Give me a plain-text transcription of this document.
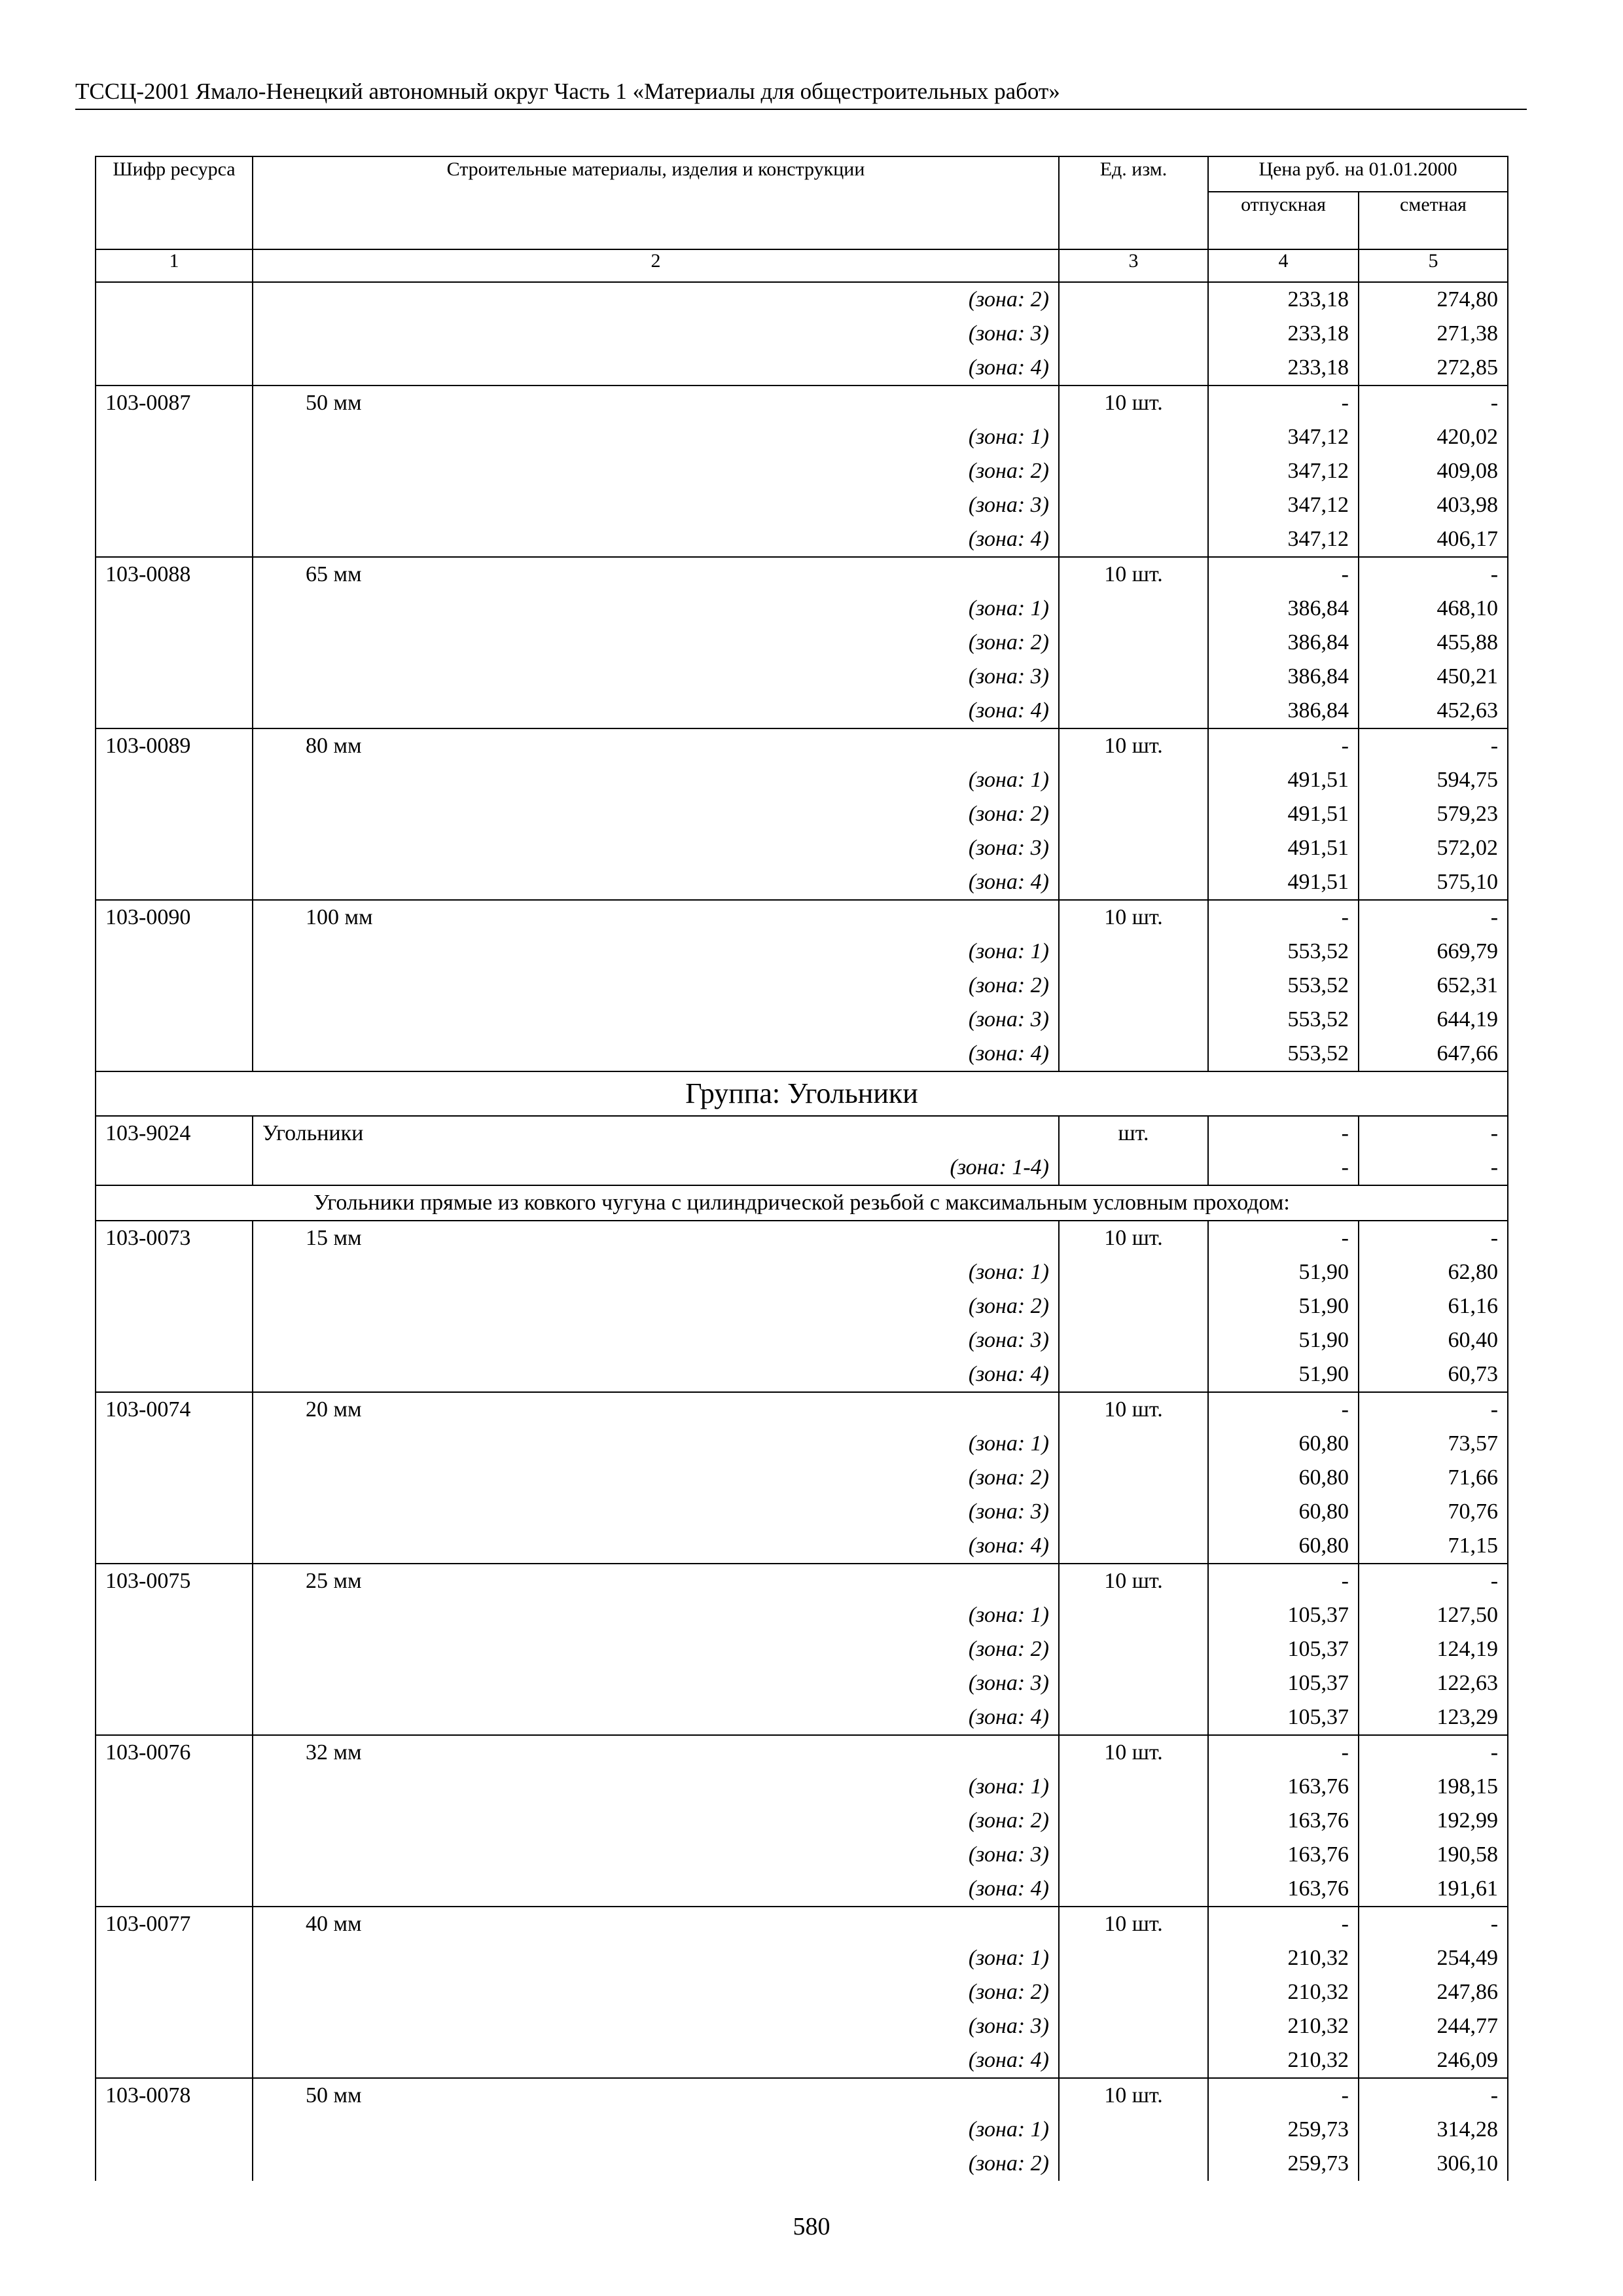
ТССЦ-2001 Ямало-Ненецкий автономный округ Часть 1 «Материалы для общестроительных работ»
Шифр ресурса	Строительные материалы, изделия и конструкции	Ед. изм.	Цена руб. на 01.01.2000	
			отпускная	сметная
1	2	3	4	5
	(зона: 2)		233,18	274,80
	(зона: 3)		233,18	271,38
	(зона: 4)		233,18	272,85
103-0087	50 мм	10 шт.	-	-
	(зона: 1)		347,12	420,02
	(зона: 2)		347,12	409,08
	(зона: 3)		347,12	403,98
	(зона: 4)		347,12	406,17
103-0088	65 мм	10 шт.	-	-
	(зона: 1)		386,84	468,10
	(зона: 2)		386,84	455,88
	(зона: 3)		386,84	450,21
	(зона: 4)		386,84	452,63
103-0089	80 мм	10 шт.	-	-
	(зона: 1)		491,51	594,75
	(зона: 2)		491,51	579,23
	(зона: 3)		491,51	572,02
	(зона: 4)		491,51	575,10
103-0090	100 мм	10 шт.	-	-
	(зона: 1)		553,52	669,79
	(зона: 2)		553,52	652,31
	(зона: 3)		553,52	644,19
	(зона: 4)		553,52	647,66
Группа: Угольники				
103-9024	Угольники	шт.	-	-
	(зона: 1-4)		-	-
Угольники прямые из ковкого чугуна с цилиндрической резьбой с максимальным условным проходом:				
103-0073	15 мм	10 шт.	-	-
	(зона: 1)		51,90	62,80
	(зона: 2)		51,90	61,16
	(зона: 3)		51,90	60,40
	(зона: 4)		51,90	60,73
103-0074	20 мм	10 шт.	-	-
	(зона: 1)		60,80	73,57
	(зона: 2)		60,80	71,66
	(зона: 3)		60,80	70,76
	(зона: 4)		60,80	71,15
103-0075	25 мм	10 шт.	-	-
	(зона: 1)		105,37	127,50
	(зона: 2)		105,37	124,19
	(зона: 3)		105,37	122,63
	(зона: 4)		105,37	123,29
103-0076	32 мм	10 шт.	-	-
	(зона: 1)		163,76	198,15
	(зона: 2)		163,76	192,99
	(зона: 3)		163,76	190,58
	(зона: 4)		163,76	191,61
103-0077	40 мм	10 шт.	-	-
	(зона: 1)		210,32	254,49
	(зона: 2)		210,32	247,86
	(зона: 3)		210,32	244,77
	(зона: 4)		210,32	246,09
103-0078	50 мм	10 шт.	-	-
	(зона: 1)		259,73	314,28
	(зона: 2)		259,73	306,10
580
